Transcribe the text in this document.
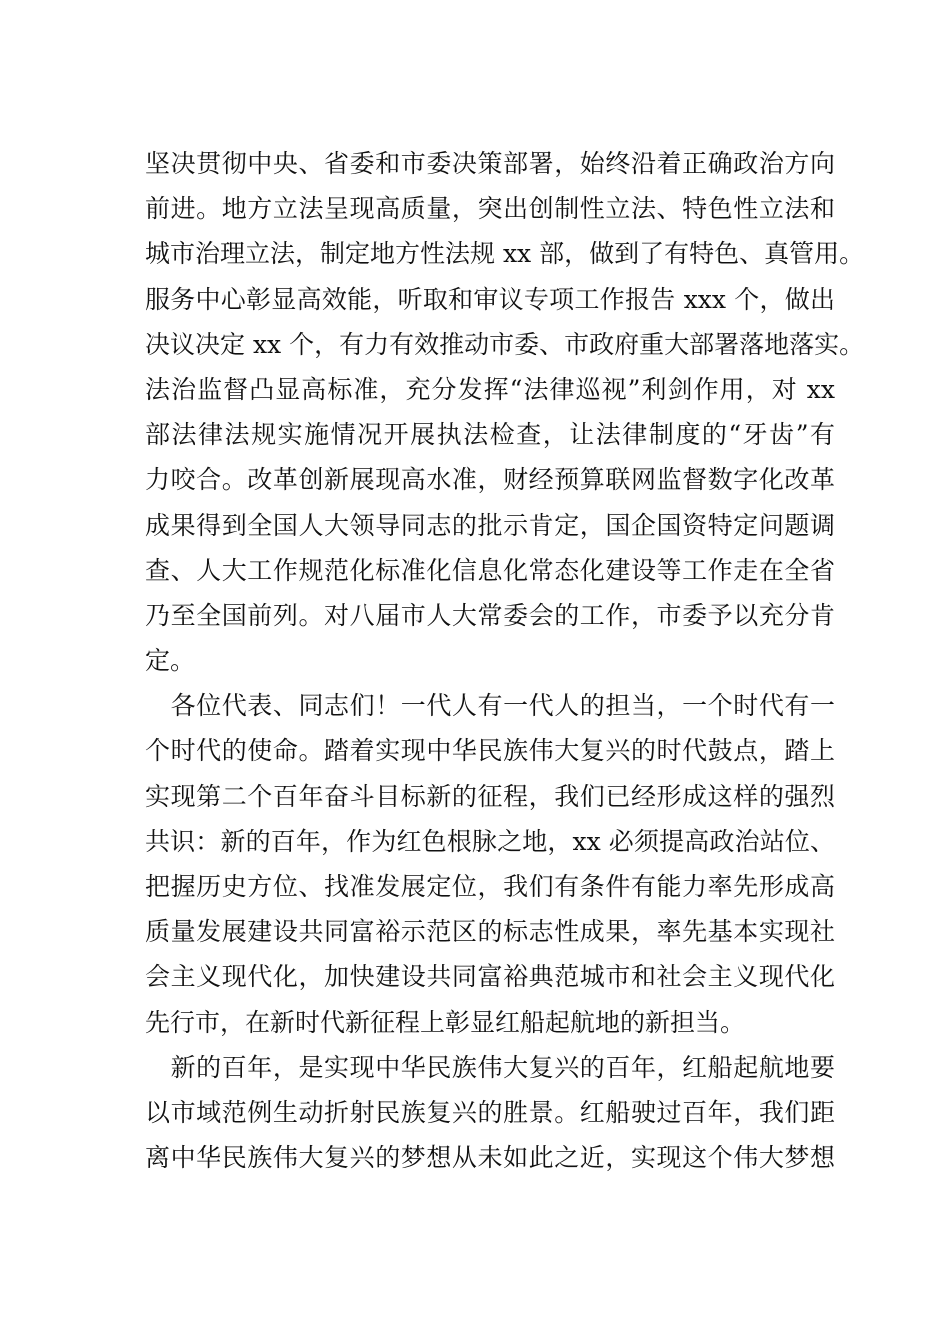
坚决贯彻中央、省委和市委决策部署，始终沿着正确政治方向
前进。地方立法呈现高质量，突出创制性立法、特色性立法和
城市治理立法，制定地方性法规 xx 部，做到了有特色、真管用。
服务中心彰显高效能，听取和审议专项工作报告 xxx 个，做出
决议决定 xx 个，有力有效推动市委、市政府重大部署落地落实。
法治监督凸显高标准，充分发挥“法律巡视”利剑作用，对 xx
部法律法规实施情况开展执法检查，让法律制度的“牙齿”有
力咬合。改革创新展现高水准，财经预算联网监督数字化改革
成果得到全国人大领导同志的批示肯定，国企国资特定问题调
查、人大工作规范化标准化信息化常态化建设等工作走在全省
乃至全国前列。对八届市人大常委会的工作，市委予以充分肯
定。
　各位代表、同志们！一代人有一代人的担当，一个时代有一
个时代的使命。踏着实现中华民族伟大复兴的时代鼓点，踏上
实现第二个百年奋斗目标新的征程，我们已经形成这样的强烈
共识：新的百年，作为红色根脉之地，xx 必须提高政治站位、
把握历史方位、找准发展定位，我们有条件有能力率先形成高
质量发展建设共同富裕示范区的标志性成果，率先基本实现社
会主义现代化，加快建设共同富裕典范城市和社会主义现代化
先行市，在新时代新征程上彰显红船起航地的新担当。
　新的百年，是实现中华民族伟大复兴的百年，红船起航地要
以市域范例生动折射民族复兴的胜景。红船驶过百年，我们距
离中华民族伟大复兴的梦想从未如此之近，实现这个伟大梦想
